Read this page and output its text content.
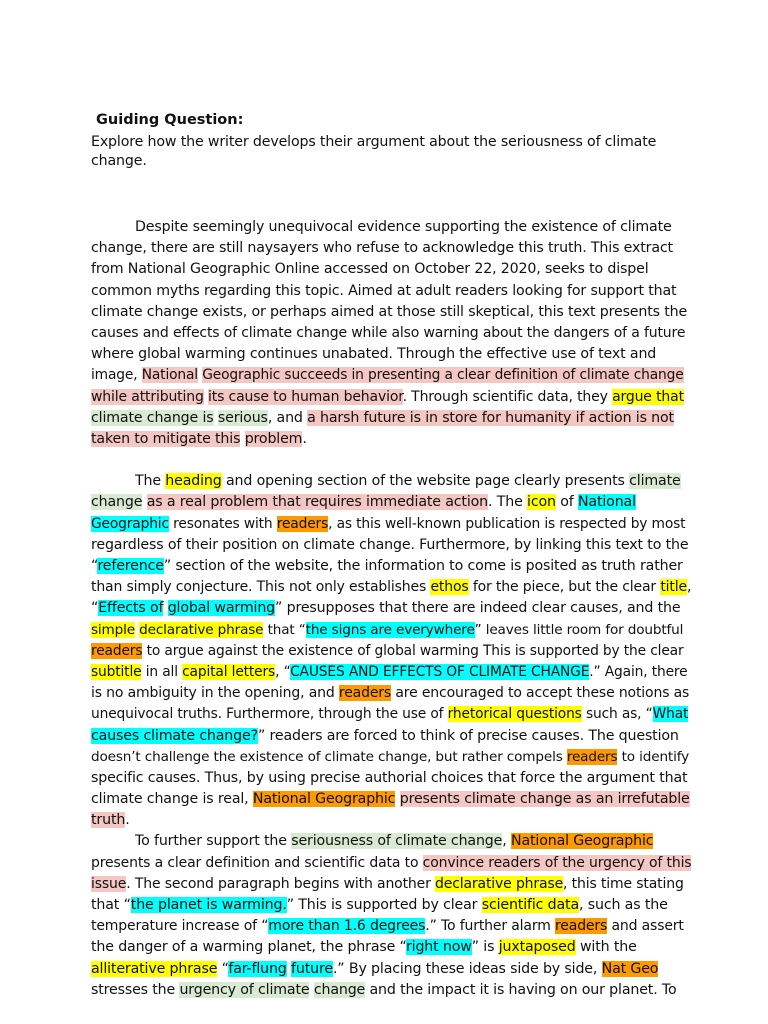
Guiding Question:
Explore how the writer develops their argument about the seriousness of climate
change.
Despite seemingly unequivocal evidence supporting the existence of climate
change, there are still naysayers who refuse to acknowledge this truth. This extract
from National Geographic Online accessed on October 22, 2020, seeks to dispel
common myths regarding this topic. Aimed at adult readers looking for support that
climate change exists, or perhaps aimed at those still skeptical, this text presents the
causes and effects of climate change while also warning about the dangers of a future
where global warming continues unabated. Through the effective use of text and
image, National Geographic succeeds in presenting a clear definition of climate change
while attributing its cause to human behavior. Through scientific data, they argue that
climate change is serious, and a harsh future is in store for humanity if action is not
taken to mitigate this problem.
The heading and opening section of the website page clearly presents climate
change as a real problem that requires immediate action. The icon of National
Geographic resonates with readers, as this well-known publication is respected by most
regardless of their position on climate change. Furthermore, by linking this text to the
“reference” section of the website, the information to come is posited as truth rather
than simply conjecture. This not only establishes ethos for the piece, but the clear title,
“Effects of global warming” presupposes that there are indeed clear causes, and the
simple declarative phrase that “the signs are everywhere” leaves little room for doubtful
readers to argue against the existence of global warming This is supported by the clear
subtitle in all capital letters, “CAUSES AND EFFECTS OF CLIMATE CHANGE.” Again, there
is no ambiguity in the opening, and readers are encouraged to accept these notions as
unequivocal truths. Furthermore, through the use of rhetorical questions such as, “What
causes climate change?” readers are forced to think of precise causes. The question
doesn’t challenge the existence of climate change, but rather compels readers to identify
specific causes. Thus, by using precise authorial choices that force the argument that
climate change is real, National Geographic presents climate change as an irrefutable
truth.
To further support the seriousness of climate change, National Geographic
presents a clear definition and scientific data to convince readers of the urgency of this
issue. The second paragraph begins with another declarative phrase, this time stating
that “the planet is warming.” This is supported by clear scientific data, such as the
temperature increase of “more than 1.6 degrees.” To further alarm readers and assert
the danger of a warming planet, the phrase “right now” is juxtaposed with the
alliterative phrase “far-flung future.” By placing these ideas side by side, Nat Geo
stresses the urgency of climate change and the impact it is having on our planet. To
